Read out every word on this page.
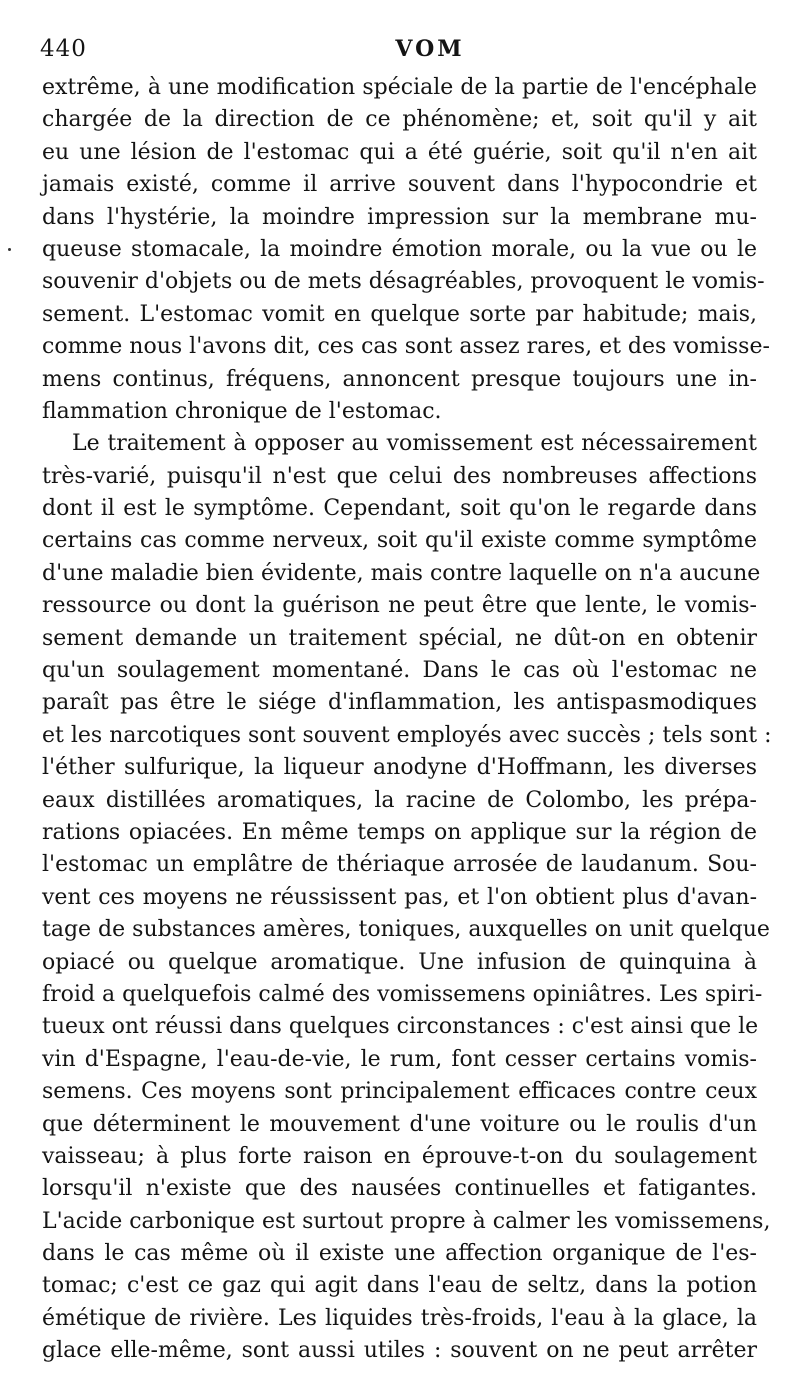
440	VOM
extrême, à une modification spéciale de la partie de l'encéphale
chargée de la direction de ce phénomène; et, soit qu'il y ait
eu une lésion de l'estomac qui a été guérie, soit qu'il n'en ait
jamais existé, comme il arrive souvent dans l'hypocondrie et
dans l'hystérie, la moindre impression sur la membrane mu-
queuse stomacale, la moindre émotion morale, ou la vue ou le
souvenir d'objets ou de mets désagréables, provoquent le vomis-
sement. L'estomac vomit en quelque sorte par habitude; mais,
comme nous l'avons dit, ces cas sont assez rares, et des vomisse-
mens continus, fréquens, annoncent presque toujours une in-
flammation chronique de l'estomac.
Le traitement à opposer au vomissement est nécessairement
très-varié, puisqu'il n'est que celui des nombreuses affections
dont il est le symptôme. Cependant, soit qu'on le regarde dans
certains cas comme nerveux, soit qu'il existe comme symptôme
d'une maladie bien évidente, mais contre laquelle on n'a aucune
ressource ou dont la guérison ne peut être que lente, le vomis-
sement demande un traitement spécial, ne dût-on en obtenir
qu'un soulagement momentané. Dans le cas où l'estomac ne
paraît pas être le siége d'inflammation, les antispasmodiques
et les narcotiques sont souvent employés avec succès ; tels sont :
l'éther sulfurique, la liqueur anodyne d'Hoffmann, les diverses
eaux distillées aromatiques, la racine de Colombo, les prépa-
rations opiacées. En même temps on applique sur la région de
l'estomac un emplâtre de thériaque arrosée de laudanum. Sou-
vent ces moyens ne réussissent pas, et l'on obtient plus d'avan-
tage de substances amères, toniques, auxquelles on unit quelque
opiacé ou quelque aromatique. Une infusion de quinquina à
froid a quelquefois calmé des vomissemens opiniâtres. Les spiri-
tueux ont réussi dans quelques circonstances : c'est ainsi que le
vin d'Espagne, l'eau-de-vie, le rum, font cesser certains vomis-
semens. Ces moyens sont principalement efficaces contre ceux
que déterminent le mouvement d'une voiture ou le roulis d'un
vaisseau; à plus forte raison en éprouve-t-on du soulagement
lorsqu'il n'existe que des nausées continuelles et fatigantes.
L'acide carbonique est surtout propre à calmer les vomissemens,
dans le cas même où il existe une affection organique de l'es-
tomac; c'est ce gaz qui agit dans l'eau de seltz, dans la potion
émétique de rivière. Les liquides très-froids, l'eau à la glace, la
glace elle-même, sont aussi utiles : souvent on ne peut arrêter
